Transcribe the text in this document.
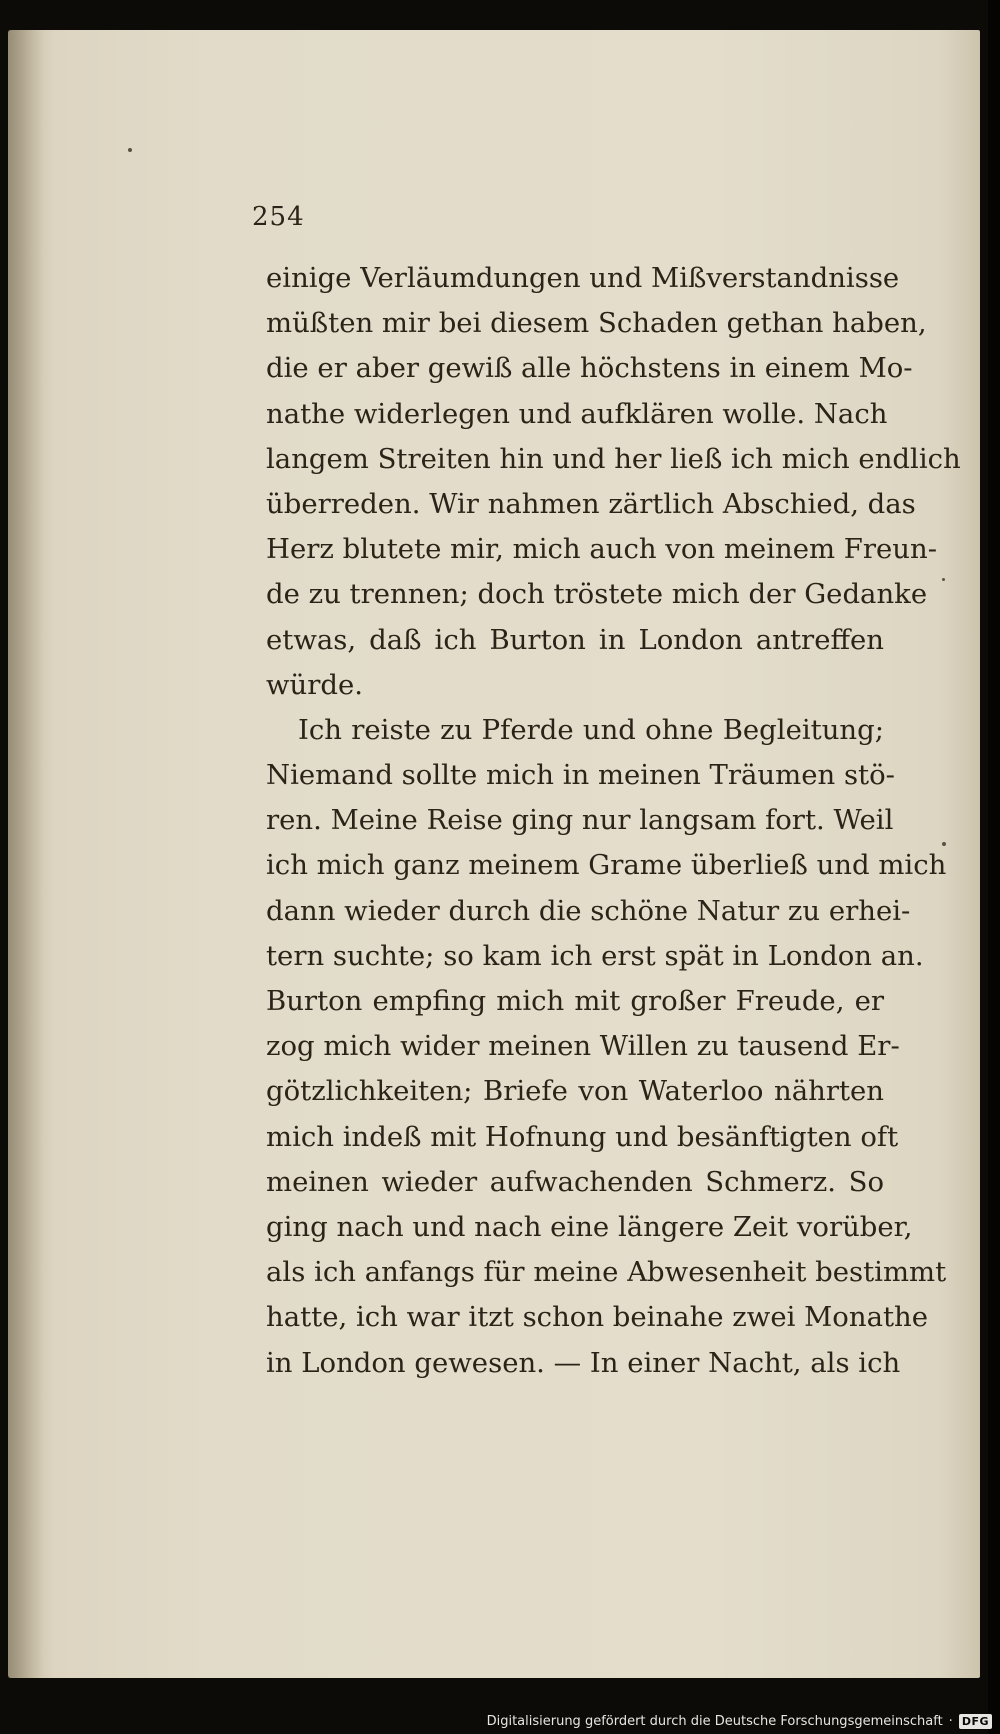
254
einige Verläumdungen und Mißverstandnisse
müßten mir bei diesem Schaden gethan haben,
die er aber gewiß alle höchstens in einem Mo-
nathe widerlegen und aufklären wolle. Nach
langem Streiten hin und her ließ ich mich endlich
überreden. Wir nahmen zärtlich Abschied, das
Herz blutete mir, mich auch von meinem Freun-
de zu trennen; doch tröstete mich der Gedanke
etwas, daß ich Burton in London antreffen
würde.
Ich reiste zu Pferde und ohne Begleitung;
Niemand sollte mich in meinen Träumen stö-
ren. Meine Reise ging nur langsam fort. Weil
ich mich ganz meinem Grame überließ und mich
dann wieder durch die schöne Natur zu erhei-
tern suchte; so kam ich erst spät in London an.
Burton empfing mich mit großer Freude, er
zog mich wider meinen Willen zu tausend Er-
götzlichkeiten; Briefe von Waterloo nährten
mich indeß mit Hofnung und besänftigten oft
meinen wieder aufwachenden Schmerz. So
ging nach und nach eine längere Zeit vorüber,
als ich anfangs für meine Abwesenheit bestimmt
hatte, ich war itzt schon beinahe zwei Monathe
in London gewesen. — In einer Nacht, als ich
Digitalisierung gefördert durch die Deutsche Forschungsgemeinschaft · DFG
